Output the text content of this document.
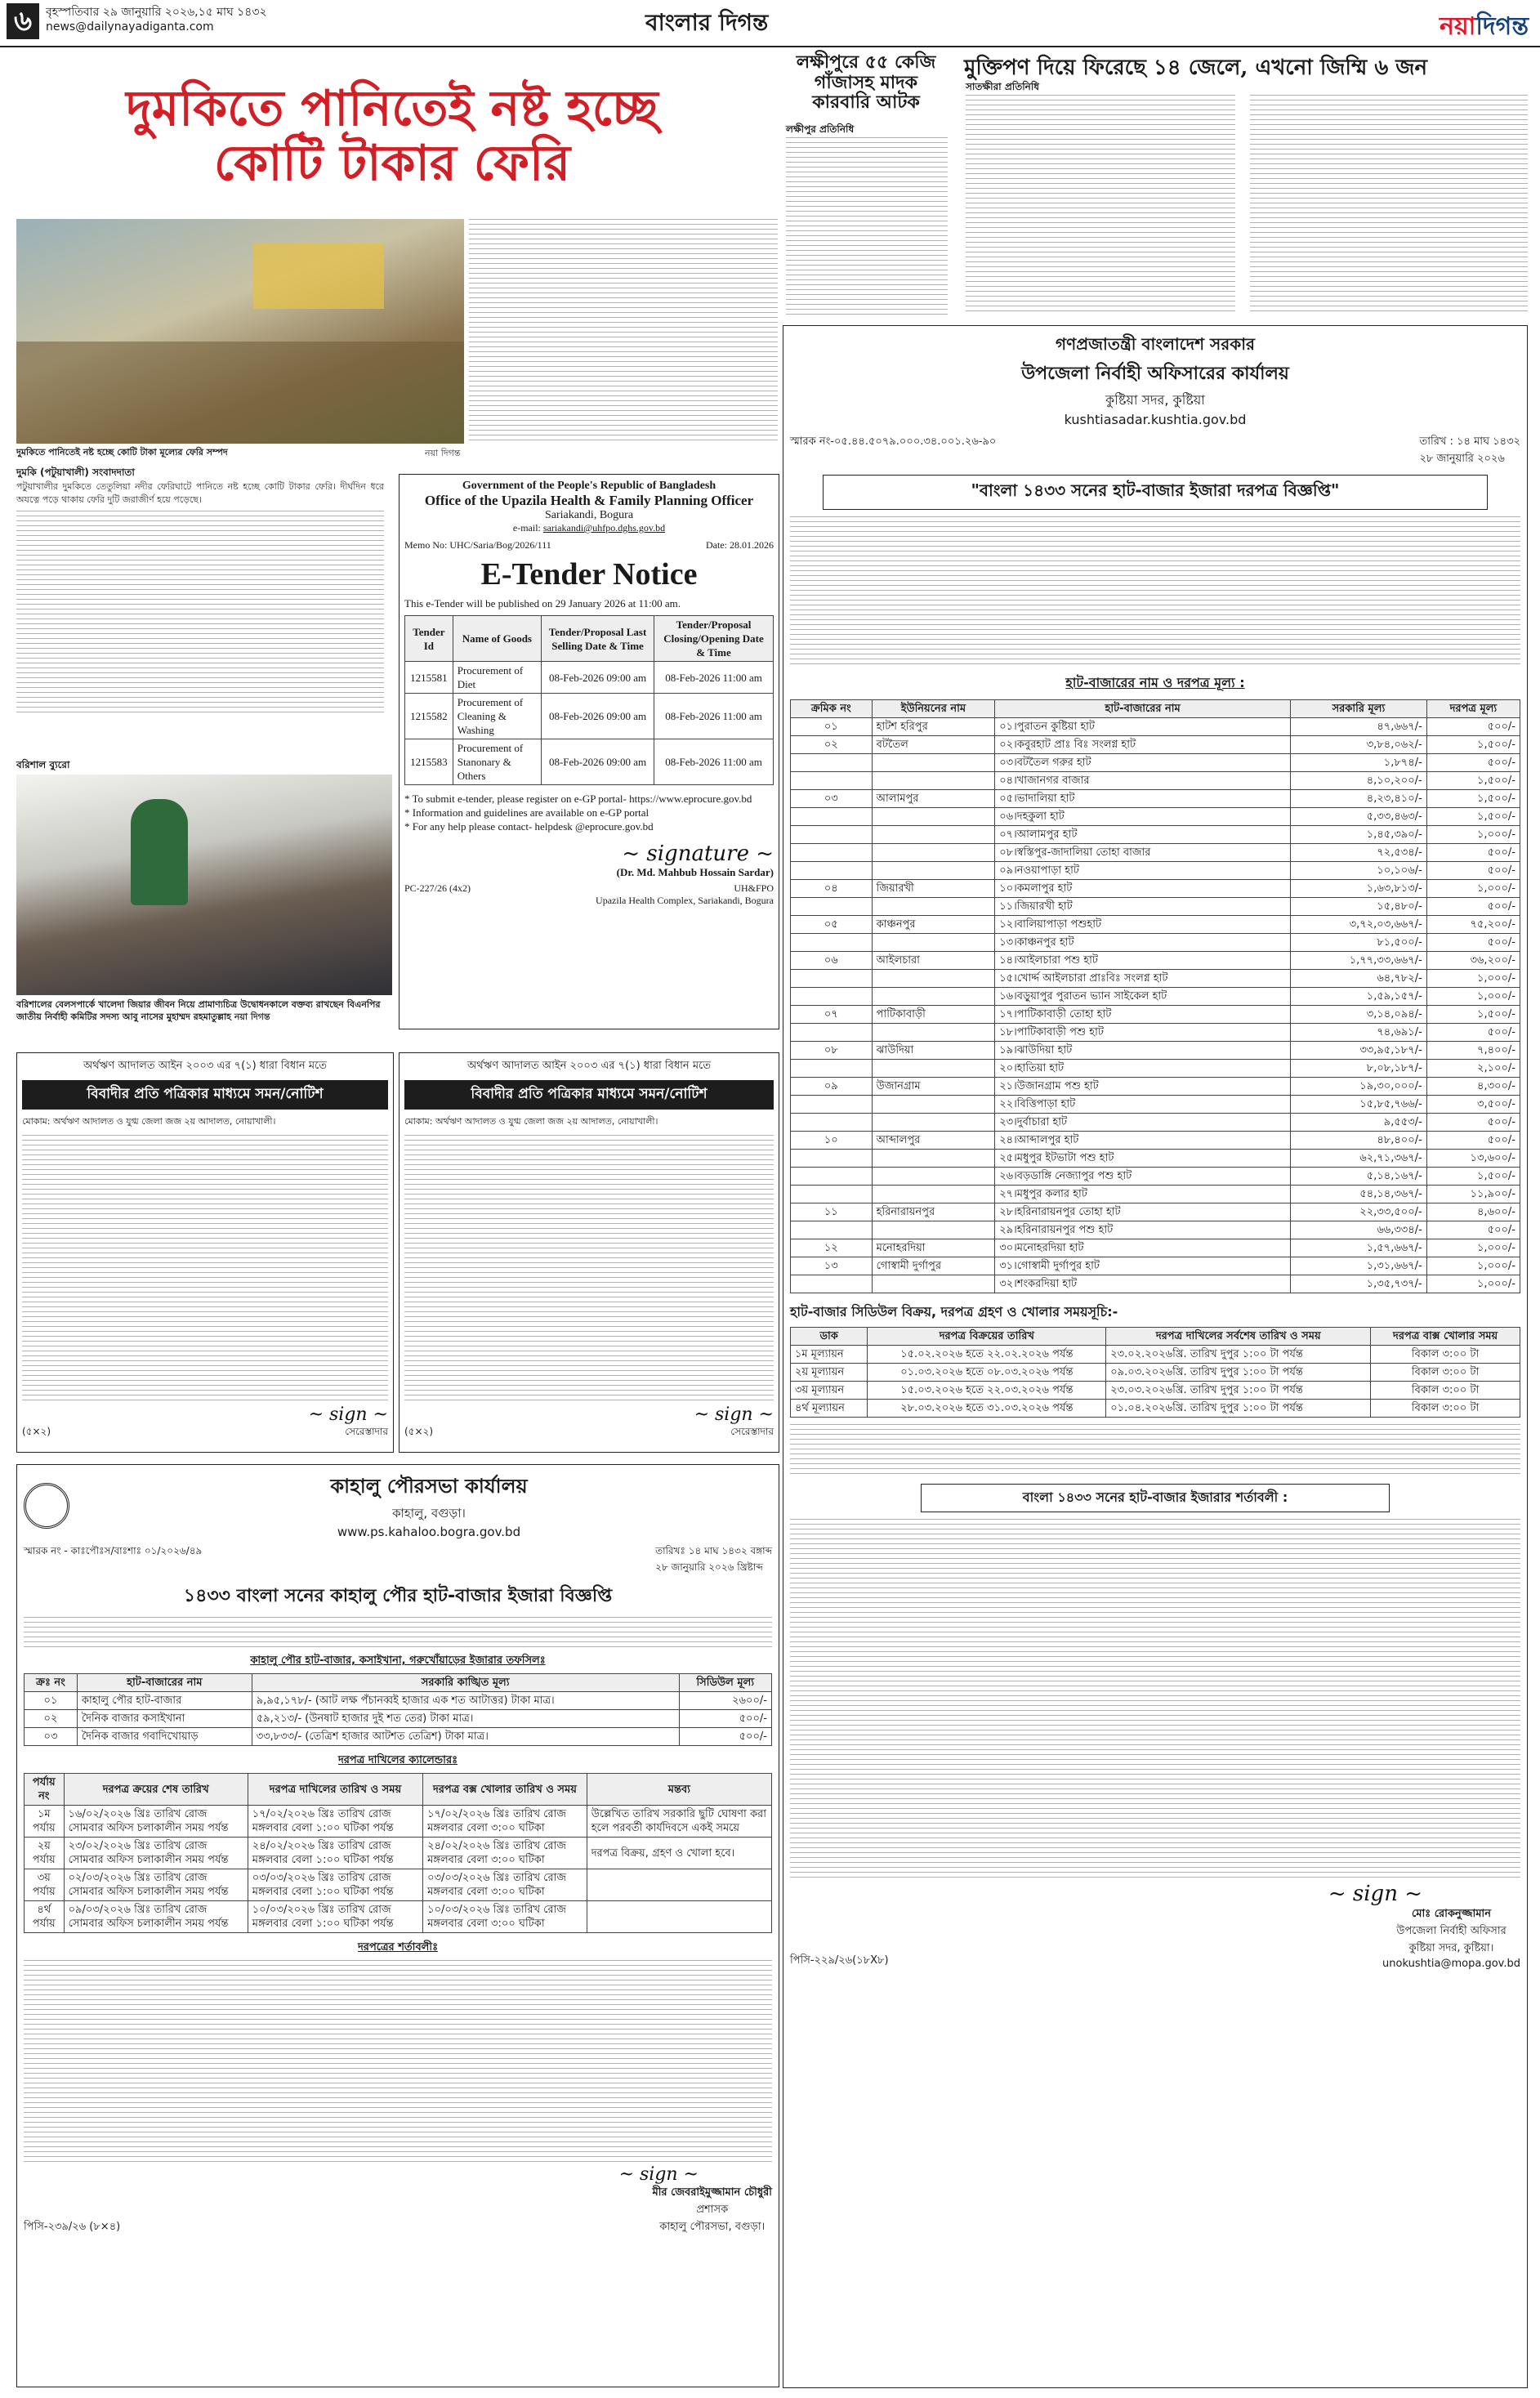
৬	বৃহস্পতিবার ২৯ জানুয়ারি ২০২৬,১৫ মাঘ ১৪৩২
news@dailynayadiganta.com	বাংলার দিগন্ত	নয়াদিগন্ত
দুমকিতে পানিতেই নষ্ট হচ্ছে
কোটি টাকার ফেরি
দুমকিতে পানিতেই নষ্ট হচ্ছে কোটি টাকা মূল্যের ফেরি সম্পদ	নয়া দিগন্ত
দুমকি (পটুয়াখালী) সংবাদদাতা
পটুয়াখালীর দুমকিতে তেতুলিয়া নদীর ফেরিঘাটে পানিতে নষ্ট হচ্ছে কোটি টাকার ফেরি। দীর্ঘদিন ধরে অযত্নে পড়ে থাকায় ফেরি দুটি জরাজীর্ণ হয়ে পড়েছে।
বরিশালের বেলসপার্কে খালেদা জিয়ার জীবন নিয়ে প্রামাণ্যচিত্র উদ্বোধনকালে বক্তব্য রাখছেন বিএনপির জাতীয় নির্বাহী কমিটির সদস্য আবু নাসের মুহাম্মদ রহমাতুল্লাহ নয়া দিগন্ত
বরিশাল ব্যুরো
Government of the People's Republic of Bangladesh
Office of the Upazila Health & Family Planning Officer
Sariakandi, Bogura
e-mail: sariakandi@uhfpo.dghs.gov.bd
Memo No: UHC/Saria/Bog/2026/111	Date: 28.01.2026
E-Tender Notice
This e-Tender will be published on 29 January 2026 at 11:00 am.
Tender Id	Name of Goods	Tender/Proposal Last Selling Date & Time	Tender/Proposal Closing/Opening Date & Time
1215581	Procurement of Diet	08-Feb-2026 09:00 am	08-Feb-2026 11:00 am
1215582	Procurement of Cleaning & Washing	08-Feb-2026 09:00 am	08-Feb-2026 11:00 am
1215583	Procurement of Stanonary & Others	08-Feb-2026 09:00 am	08-Feb-2026 11:00 am
* To submit e-tender, please register on e-GP portal- https://www.eprocure.gov.bd
* Information and guidelines are available on e-GP portal
* For any help please contact- helpdesk @eprocure.gov.bd
~ signature ~
(Dr. Md. Mahbub Hossain Sardar)
PC-227/26 (4x2)	UH&FPO
Upazila Health Complex, Sariakandi, Bogura
লক্ষীপুরে ৫৫ কেজি
গাঁজাসহ মাদক
কারবারি আটক
লক্ষীপুর প্রতিনিধি
মুক্তিপণ দিয়ে ফিরেছে ১৪ জেলে, এখনো জিম্মি ৬ জন
সাতক্ষীরা প্রতিনিধি
গণপ্রজাতন্ত্রী বাংলাদেশ সরকার
উপজেলা নির্বাহী অফিসারের কার্যালয়
কুষ্টিয়া সদর, কুষ্টিয়া
kushtiasadar.kushtia.gov.bd
স্মারক নং-০৫.৪৪.৫০৭৯.০০০.৩৪.০০১.২৬-৯০	তারিখ : ১৪ মাঘ ১৪৩২
২৮ জানুয়ারি ২০২৬
"বাংলা ১৪৩৩ সনের হাট-বাজার ইজারা দরপত্র বিজ্ঞপ্তি"
হাট-বাজারের নাম ও দরপত্র মূল্য :
ক্রমিক নং	ইউনিয়নের নাম	হাট-বাজারের নাম	সরকারি মূল্য	দরপত্র মূল্য
০১	হাটশ হরিপুর	০১।পুরাতন কুষ্টিয়া হাট	৪৭,৬৬৭/-	৫০০/-
০২	বটতৈল	০২।কবুরহাট প্রাঃ বিঃ সংলগ্ন হাট	৩,৮৪,০৬২/-	১,৫০০/-
		০৩।বটতৈল গরুর হাট	১,৮৭৪/-	৫০০/-
		০৪।খাজানগর বাজার	৪,১০,২০০/-	১,৫০০/-
০৩	আলামপুর	০৫।ভাদালিয়া হাট	৪,২৩,৪১০/-	১,৫০০/-
		০৬।দহকুলা হাট	৫,৩৩,৪৬৩/-	১,৫০০/-
		০৭।আলামপুর হাট	১,৪৫,৩৯০/-	১,০০০/-
		০৮।স্বস্তিপুর-জাদালিয়া তোহা বাজার	৭২,৫৩৪/-	৫০০/-
		০৯।নওয়াপাড়া হাট	১০,১০৬/-	৫০০/-
০৪	জিয়ারখী	১০।কমলাপুর হাট	১,৬৩,৮১৩/-	১,০০০/-
		১১।জিয়ারখী হাট	১৫,৪৮০/-	৫০০/-
০৫	কাঞ্চনপুর	১২।বালিয়াপাড়া পশুহাট	৩,৭২,০৩,৬৬৭/-	৭৫,২০০/-
		১৩।কাঞ্চনপুর হাট	৮১,৫০০/-	৫০০/-
০৬	আইলচারা	১৪।আইলচারা পশু হাট	১,৭৭,৩৩,৬৬৭/-	৩৬,২০০/-
		১৫।খোর্দ্দ আইলচারা প্রাঃবিঃ সংলগ্ন হাট	৬৪,৭৮২/-	১,০০০/-
		১৬।বড়ুয়াপুর পুরাতন ভ্যান সাইকেল হাট	১,৫৯,১৫৭/-	১,০০০/-
০৭	পাটিকাবাড়ী	১৭।পাটিকাবাড়ী তোহা হাট	৩,১৪,০৯৪/-	১,৫০০/-
		১৮।পাটিকাবাড়ী পশু হাট	৭৪,৬৯১/-	৫০০/-
০৮	ঝাউদিয়া	১৯।ঝাউদিয়া হাট	৩৩,৯৫,১৮৭/-	৭,৪০০/-
		২০।হাতিয়া হাট	৮,০৮,১৮৭/-	২,১০০/-
০৯	উজানগ্রাম	২১।উজানগ্রাম পশু হাট	১৯,৩০,০০০/-	৪,৩০০/-
		২২।বিত্তিপাড়া হাট	১৫,৮৫,৭৬৬/-	৩,৫০০/-
		২৩।দুর্বাচারা হাট	৯,৫৫৩/-	৫০০/-
১০	আব্দালপুর	২৪।আব্দালপুর হাট	৪৮,৪০০/-	৫০০/-
		২৫।মধুপুর ইটভাটা পশু হাট	৬২,৭১,৩৬৭/-	১৩,৬০০/-
		২৬।বড়ডাঙ্গি নেজ্যাপুর পশু হাট	৫,১৪,১৬৭/-	১,৫০০/-
		২৭।মধুপুর কলার হাট	৫৪,১৪,৩৬৭/-	১১,৯০০/-
১১	হরিনারায়নপুর	২৮।হরিনারায়নপুর তোহা হাট	২২,৩৩,৫০০/-	৪,৬০০/-
		২৯।হরিনারায়নপুর পশু হাট	৬৬,৩৩৪/-	৫০০/-
১২	মনোহরদিয়া	৩০।মনোহরদিয়া হাট	১,৫৭,৬৬৭/-	১,০০০/-
১৩	গোস্বামী দুর্গাপুর	৩১।গোস্বামী দুর্গাপুর হাট	১,৩১,৬৬৭/-	১,০০০/-
		৩২।শংকরদিয়া হাট	১,৩৫,৭৩৭/-	১,০০০/-
হাট-বাজার সিডিউল বিক্রয়, দরপত্র গ্রহণ ও খোলার সময়সূচি:-
ডাক	দরপত্র বিক্রয়ের তারিখ	দরপত্র দাখিলের সর্বশেষ তারিখ ও সময়	দরপত্র বাক্স খোলার সময়
১ম মূল্যায়ন	১৫.০২.২০২৬ হতে ২২.০২.২০২৬ পর্যন্ত	২৩.০২.২০২৬খ্রি. তারিখ দুপুর ১:০০ টা পর্যন্ত	বিকাল ৩:০০ টা
২য় মূল্যায়ন	০১.০৩.২০২৬ হতে ০৮.০৩.২০২৬ পর্যন্ত	০৯.০৩.২০২৬খ্রি. তারিখ দুপুর ১:০০ টা পর্যন্ত	বিকাল ৩:০০ টা
৩য় মূল্যায়ন	১৫.০৩.২০২৬ হতে ২২.০৩.২০২৬ পর্যন্ত	২৩.০৩.২০২৬খ্রি. তারিখ দুপুর ১:০০ টা পর্যন্ত	বিকাল ৩:০০ টা
৪র্থ মূল্যায়ন	২৮.০৩.২০২৬ হতে ৩১.০৩.২০২৬ পর্যন্ত	০১.০৪.২০২৬খ্রি. তারিখ দুপুর ১:০০ টা পর্যন্ত	বিকাল ৩:০০ টা
বাংলা ১৪৩৩ সনের হাট-বাজার ইজারার শর্তাবলী :
~ sign ~
পিসি-২২৯/২৬(১৮X৮)
মোঃ রোকনুজ্জামান
উপজেলা নির্বাহী অফিসার
কুষ্টিয়া সদর, কুষ্টিয়া।
unokushtia@mopa.gov.bd
অর্থঋণ আদালত আইন ২০০৩ এর ৭(১) ধারা বিধান মতে
বিবাদীর প্রতি পত্রিকার মাধ্যমে সমন/নোটিশ
মোকাম: অর্থঋণ আদালত ও যুগ্ম জেলা জজ ২য় আদালত, নোয়াখালী।
~ sign ~
(৫×২)	সেরেস্তাদার
অর্থঋণ আদালত আইন ২০০৩ এর ৭(১) ধারা বিধান মতে
বিবাদীর প্রতি পত্রিকার মাধ্যমে সমন/নোটিশ
মোকাম: অর্থঋণ আদালত ও যুগ্ম জেলা জজ ২য় আদালত, নোয়াখালী।
~ sign ~
(৫×২)	সেরেস্তাদার
কাহালু পৌরসভা কার্যালয়
কাহালু, বগুড়া।
www.ps.kahaloo.bogra.gov.bd
স্মারক নং - কাঃপৌঃস/বাঃশাঃ ০১/২০২৬/৪৯	তারিখঃ ১৪ মাঘ ১৪৩২ বঙ্গাব্দ
২৮ জানুয়ারি ২০২৬ খ্রিষ্টাব্দ
১৪৩৩ বাংলা সনের কাহালু পৌর হাট-বাজার ইজারা বিজ্ঞপ্তি
কাহালু পৌর হাট-বাজার, কসাইখানা, গরুখোঁয়াড়ের ইজারার তফসিলঃ
ক্রঃ নং	হাট-বাজারের নাম	সরকারি কাঙ্খিত মূল্য	সিডিউল মূল্য
০১	কাহালু পৌর হাট-বাজার	৯,৯৫,১৭৮/- (আট লক্ষ পঁচানব্বই হাজার এক শত আটাত্তর) টাকা মাত্র।	২৬০০/-
০২	দৈনিক বাজার কসাইখানা	৫৯,২১৩/- (উনষাট হাজার দুই শত তের) টাকা মাত্র।	৫০০/-
০৩	দৈনিক বাজার গবাদিখোয়াড়	৩৩,৮৩৩/- (তেত্রিশ হাজার আটশত তেত্রিশ) টাকা মাত্র।	৫০০/-
দরপত্র দাখিলের ক্যালেন্ডারঃ
পর্যায় নং	দরপত্র ক্রয়ের শেষ তারিখ	দরপত্র দাখিলের তারিখ ও সময়	দরপত্র বক্স খোলার তারিখ ও সময়	মন্তব্য
১ম পর্যায়	১৬/০২/২০২৬ খ্রিঃ তারিখ রোজ সোমবার অফিস চলাকালীন সময় পর্যন্ত	১৭/০২/২০২৬ খ্রিঃ তারিখ রোজ মঙ্গলবার বেলা ১:০০ ঘটিকা পর্যন্ত	১৭/০২/২০২৬ খ্রিঃ তারিখ রোজ মঙ্গলবার বেলা ৩:০০ ঘটিকা	উল্লেখিত তারিখ সরকারি ছুটি ঘোষণা করা হলে পরবর্তী কার্যদিবসে একই সময়ে
২য় পর্যায়	২৩/০২/২০২৬ খ্রিঃ তারিখ রোজ সোমবার অফিস চলাকালীন সময় পর্যন্ত	২৪/০২/২০২৬ খ্রিঃ তারিখ রোজ মঙ্গলবার বেলা ১:০০ ঘটিকা পর্যন্ত	২৪/০২/২০২৬ খ্রিঃ তারিখ রোজ মঙ্গলবার বেলা ৩:০০ ঘটিকা	দরপত্র বিক্রয়, গ্রহণ ও খোলা হবে।
৩য় পর্যায়	০২/০৩/২০২৬ খ্রিঃ তারিখ রোজ সোমবার অফিস চলাকালীন সময় পর্যন্ত	০৩/০৩/২০২৬ খ্রিঃ তারিখ রোজ মঙ্গলবার বেলা ১:০০ ঘটিকা পর্যন্ত	০৩/০৩/২০২৬ খ্রিঃ তারিখ রোজ মঙ্গলবার বেলা ৩:০০ ঘটিকা	
৪র্থ পর্যায়	০৯/০৩/২০২৬ খ্রিঃ তারিখ রোজ সোমবার অফিস চলাকালীন সময় পর্যন্ত	১০/০৩/২০২৬ খ্রিঃ তারিখ রোজ মঙ্গলবার বেলা ১:০০ ঘটিকা পর্যন্ত	১০/০৩/২০২৬ খ্রিঃ তারিখ রোজ মঙ্গলবার বেলা ৩:০০ ঘটিকা	
দরপত্রের শর্তাবলীঃ
~ sign ~
পিসি-২৩৯/২৬ (৮×৪)
মীর জেবরাইমুজ্জামান চৌধুরী
প্রশাসক
কাহালু পৌরসভা, বগুড়া।
